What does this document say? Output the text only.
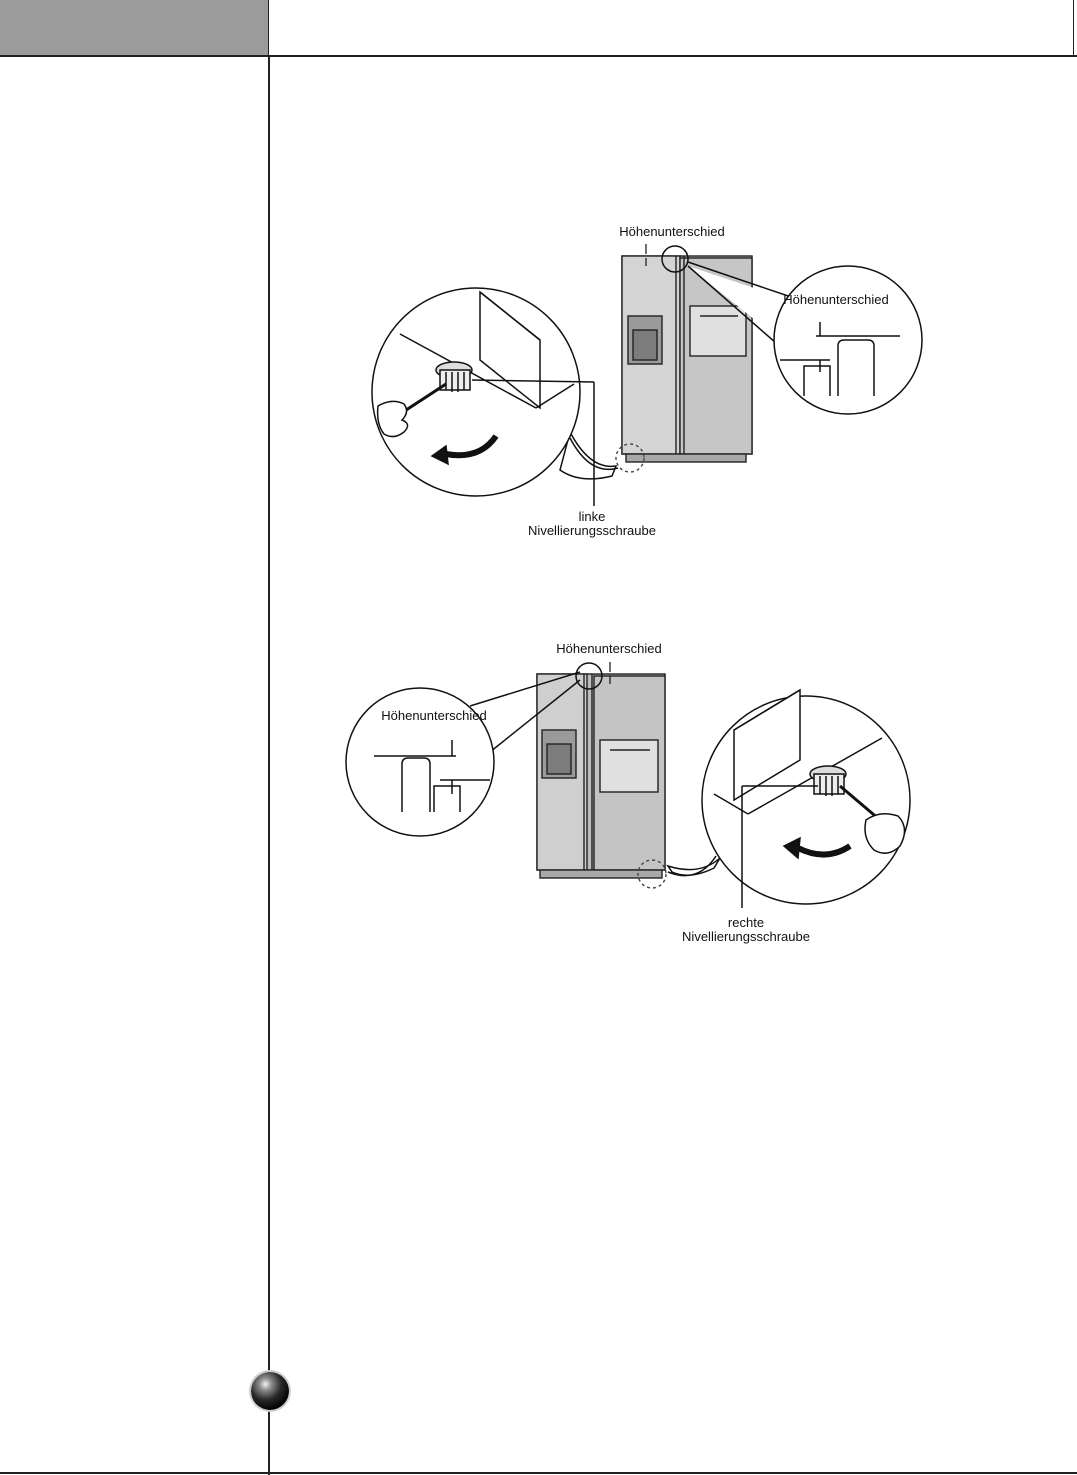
Höhenunterschied
Höhenunterschied
linke
Nivellierungsschraube
Höhenunterschied
Höhenunterschied
rechte
Nivellierungsschraube
